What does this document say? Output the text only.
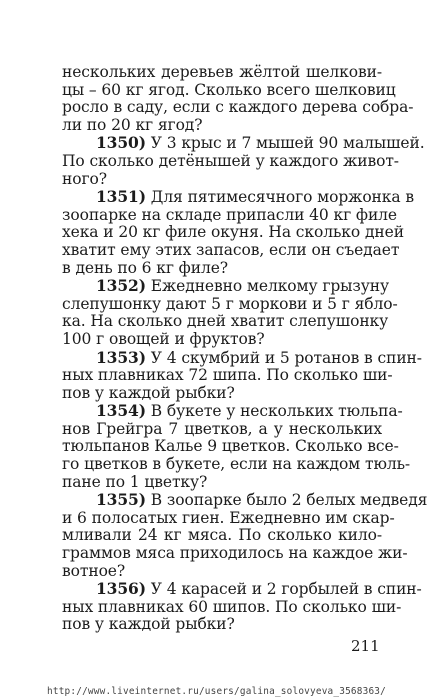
нескольких деревьев жёлтой шелкови-
цы – 60 кг ягод. Сколько всего шелковиц
росло в саду, если с каждого дерева собра-
ли по 20 кг ягод?
1350) У 3 крыс и 7 мышей 90 малышей.
По сколько детёнышей у каждого живот-
ного?
1351) Для пятимесячного моржонка в
зоопарке на складе припасли 40 кг филе
хека и 20 кг филе окуня. На сколько дней
хватит ему этих запасов, если он съедает
в день по 6 кг филе?
1352) Ежедневно мелкому грызуну
слепушонку дают 5 г моркови и 5 г ябло-
ка. На сколько дней хватит слепушонку
100 г овощей и фруктов?
1353) У 4 скумбрий и 5 ротанов в спин-
ных плавниках 72 шипа. По сколько ши-
пов у каждой рыбки?
1354) В букете у нескольких тюльпа-
нов Грейгра 7 цветков, а у нескольких
тюльпанов Калье 9 цветков. Сколько все-
го цветков в букете, если на каждом тюль-
пане по 1 цветку?
1355) В зоопарке было 2 белых медведя
и 6 полосатых гиен. Ежедневно им скар-
мливали 24 кг мяса. По сколько кило-
граммов мяса приходилось на каждое жи-
вотное?
1356) У 4 карасей и 2 горбылей в спин-
ных плавниках 60 шипов. По сколько ши-
пов у каждой рыбки?
211
http://www.liveinternet.ru/users/galina_solovyeva_3568363/
